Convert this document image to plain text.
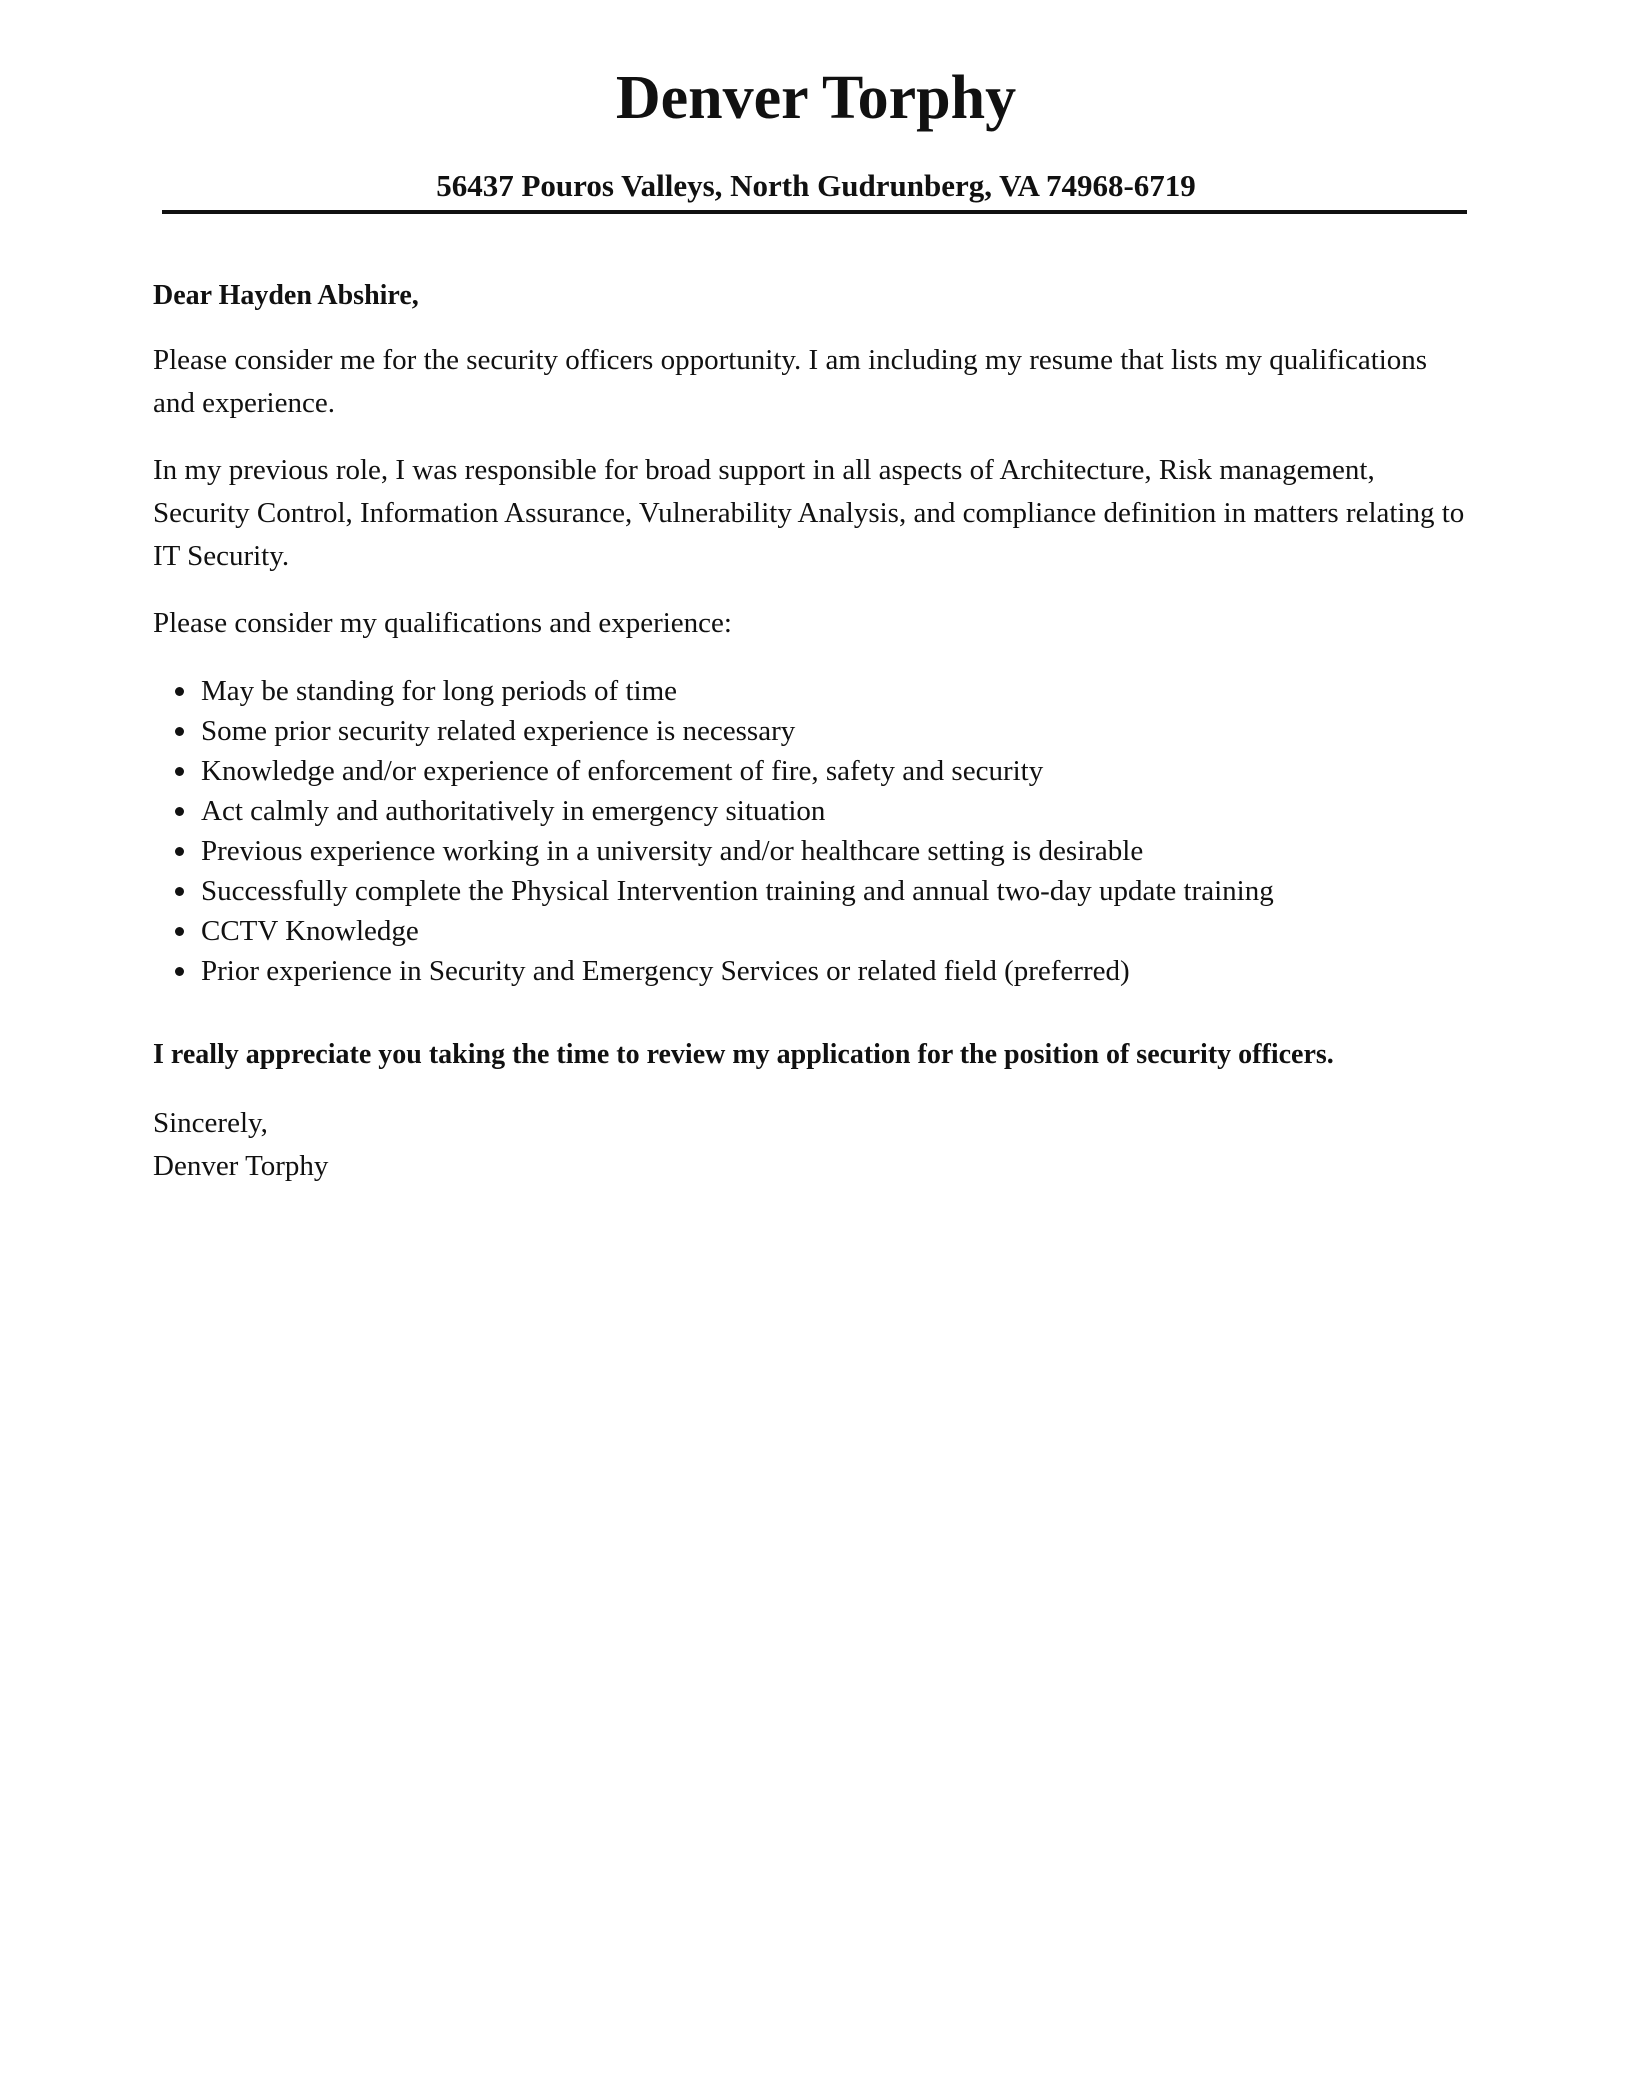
Denver Torphy
56437 Pouros Valleys, North Gudrunberg, VA 74968-6719

Dear Hayden Abshire,

Please consider me for the security officers opportunity. I am including my resume that lists my qualifications and experience.

In my previous role, I was responsible for broad support in all aspects of Architecture, Risk management, Security Control, Information Assurance, Vulnerability Analysis, and compliance definition in matters relating to IT Security.

Please consider my qualifications and experience:

May be standing for long periods of time
Some prior security related experience is necessary
Knowledge and/or experience of enforcement of fire, safety and security
Act calmly and authoritatively in emergency situation
Previous experience working in a university and/or healthcare setting is desirable
Successfully complete the Physical Intervention training and annual two-day update training
CCTV Knowledge
Prior experience in Security and Emergency Services or related field (preferred)

I really appreciate you taking the time to review my application for the position of security officers.

Sincerely,
Denver Torphy
